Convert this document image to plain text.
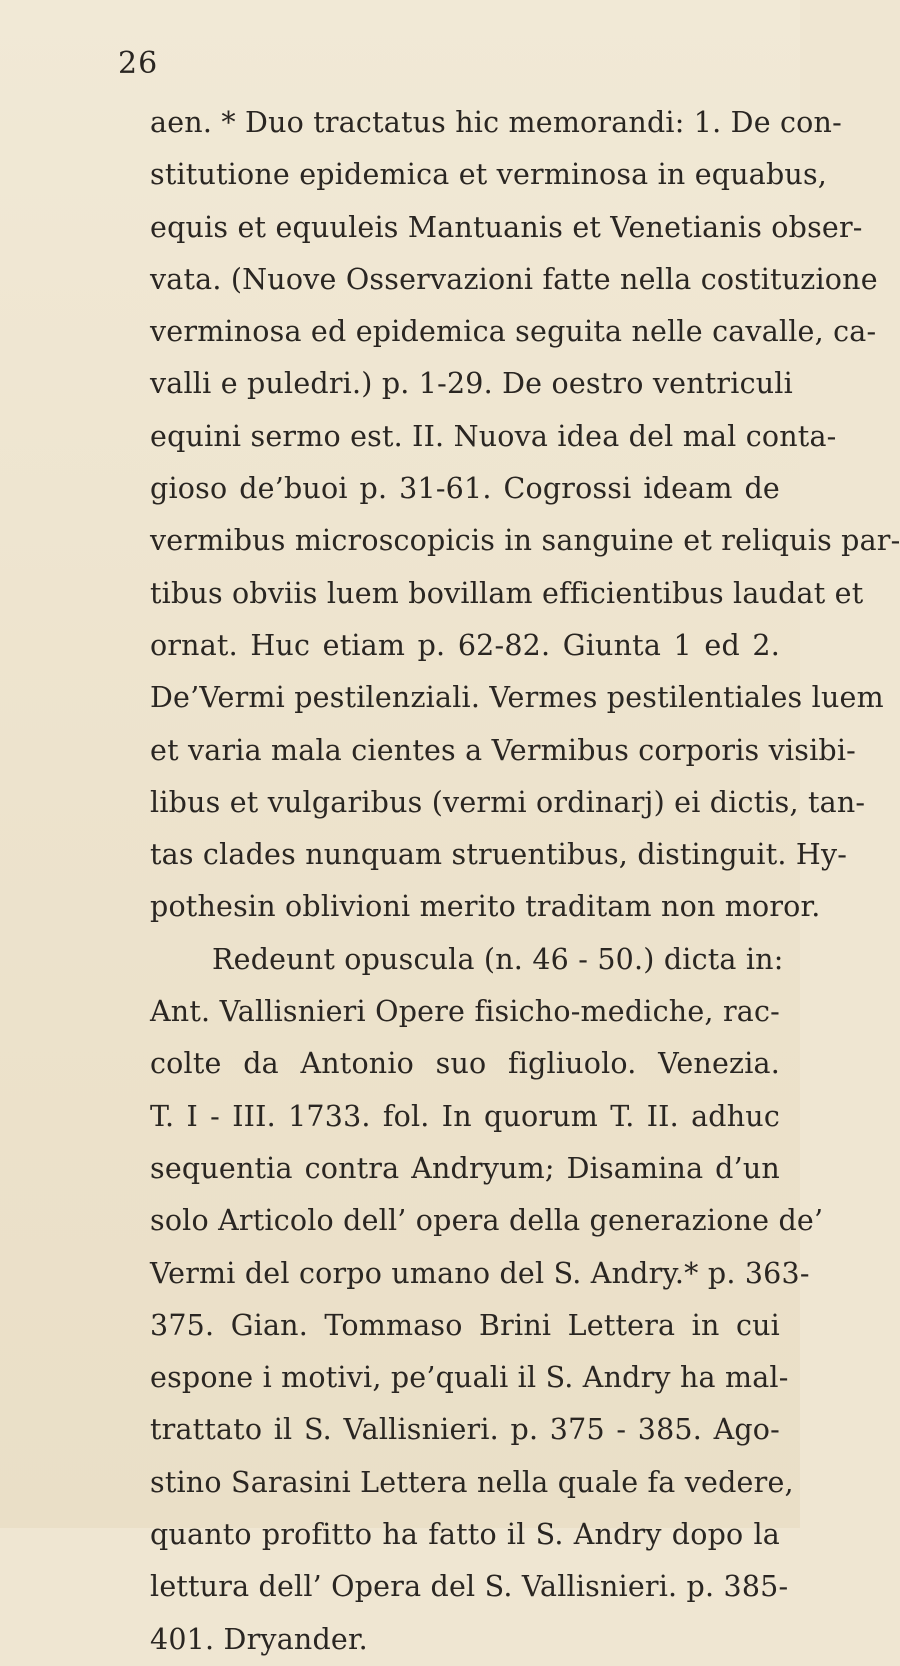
26
aen. * Duo tractatus hic memorandi: 1. De con-
stitutione epidemica et verminosa in equabus,
equis et equuleis Mantuanis et Venetianis obser-
vata. (Nuove Osservazioni fatte nella costituzione
verminosa ed epidemica seguita nelle cavalle, ca-
valli e puledri.) p. 1-29. De oestro ventriculi
equini sermo est. II. Nuova idea del mal conta-
gioso de’buoi p. 31-61. Cogrossi ideam de
vermibus microscopicis in sanguine et reliquis par-
tibus obviis luem bovillam efficientibus laudat et
ornat. Huc etiam p. 62-82. Giunta 1 ed 2.
De’Vermi pestilenziali. Vermes pestilentiales luem
et varia mala cientes a Vermibus corporis visibi-
libus et vulgaribus (vermi ordinarj) ei dictis, tan-
tas clades nunquam struentibus, distinguit. Hy-
pothesin oblivioni merito traditam non moror.
Redeunt opuscula (n. 46 - 50.) dicta in:
Ant. Vallisnieri Opere fisicho-mediche, rac-
colte da Antonio suo figliuolo. Venezia.
T. I - III. 1733. fol. In quorum T. II. adhuc
sequentia contra Andryum; Disamina d’un
solo Articolo dell’ opera della generazione de’
Vermi del corpo umano del S. Andry.* p. 363-
375. Gian. Tommaso Brini Lettera in cui
espone i motivi, pe’quali il S. Andry ha mal-
trattato il S. Vallisnieri. p. 375 - 385. Ago-
stino Sarasini Lettera nella quale fa vedere,
quanto profitto ha fatto il S. Andry dopo la
lettura dell’ Opera del S. Vallisnieri. p. 385-
401. Dryander.
